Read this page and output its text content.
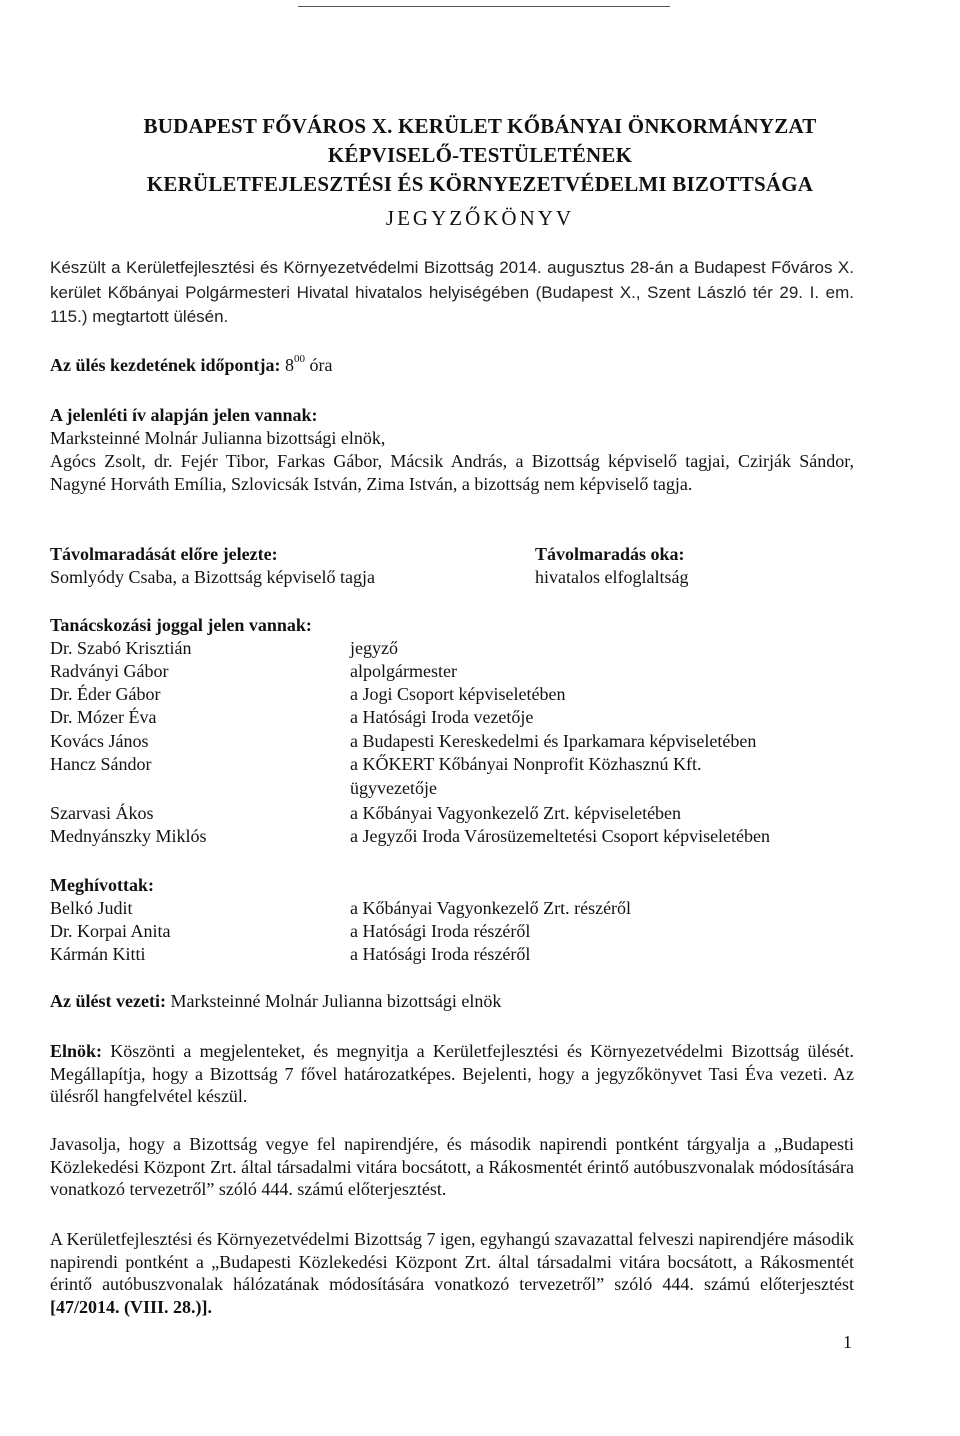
BUDAPEST FŐVÁROS X. KERÜLET KŐBÁNYAI ÖNKORMÁNYZAT
KÉPVISELŐ-TESTÜLETÉNEK
KERÜLETFEJLESZTÉSI ÉS KÖRNYEZETVÉDELMI BIZOTTSÁGA
JEGYZŐKÖNYV
Készült a Kerületfejlesztési és Környezetvédelmi Bizottság 2014. augusztus 28-án a Budapest Főváros X. kerület Kőbányai Polgármesteri Hivatal hivatalos helyiségében (Budapest X., Szent László tér 29. I. em. 115.) megtartott ülésén.
Az ülés kezdetének időpontja: $8^{00}$ óra
A jelenléti ív alapján jelen vannak:
Marksteinné Molnár Julianna bizottsági elnök,
Agócs Zsolt, dr. Fejér Tibor, Farkas Gábor, Mácsik András, a Bizottság képviselő tagjai, Czirják Sándor, Nagyné Horváth Emília, Szlovicsák István, Zima István, a bizottság nem képviselő tagja.
Távolmaradását előre jelezte:
Somlyódy Csaba, a Bizottság képviselő tagja
Távolmaradás oka:
hivatalos elfoglaltság
Tanácskozási joggal jelen vannak:
Dr. Szabó Krisztián	jegyző
Radványi Gábor	alpolgármester
Dr. Éder Gábor	a Jogi Csoport képviseletében
Dr. Mózer Éva	a Hatósági Iroda vezetője
Kovács János	a Budapesti Kereskedelmi és Iparkamara képviseletében
Hancz Sándor	a KŐKERT Kőbányai Nonprofit Közhasznú Kft.
ügyvezetője
Szarvasi Ákos	a Kőbányai Vagyonkezelő Zrt. képviseletében
Mednyánszky Miklós	a Jegyzői Iroda Városüzemeltetési Csoport képviseletében
Meghívottak:
Belkó Judit	a Kőbányai Vagyonkezelő Zrt. részéről
Dr. Korpai Anita	a Hatósági Iroda részéről
Kármán Kitti	a Hatósági Iroda részéről
Az ülést vezeti: Marksteinné Molnár Julianna bizottsági elnök
Elnök: Köszönti a megjelenteket, és megnyitja a Kerületfejlesztési és Környezetvédelmi Bizottság ülését. Megállapítja, hogy a Bizottság 7 fővel határozatképes. Bejelenti, hogy a jegyzőkönyvet Tasi Éva vezeti. Az ülésről hangfelvétel készül.
Javasolja, hogy a Bizottság vegye fel napirendjére, és második napirendi pontként tárgyalja a „Budapesti Közlekedési Központ Zrt. által társadalmi vitára bocsátott, a Rákosmentét érintő autóbuszvonalak módosítására vonatkozó tervezetről” szóló 444. számú előterjesztést.
A Kerületfejlesztési és Környezetvédelmi Bizottság 7 igen, egyhangú szavazattal felveszi napirendjére második napirendi pontként a „Budapesti Közlekedési Központ Zrt. által társadalmi vitára bocsátott, a Rákosmentét érintő autóbuszvonalak hálózatának módosítására vonatkozó tervezetről” szóló 444. számú előterjesztést [47/2014. (VIII. 28.)].
1
